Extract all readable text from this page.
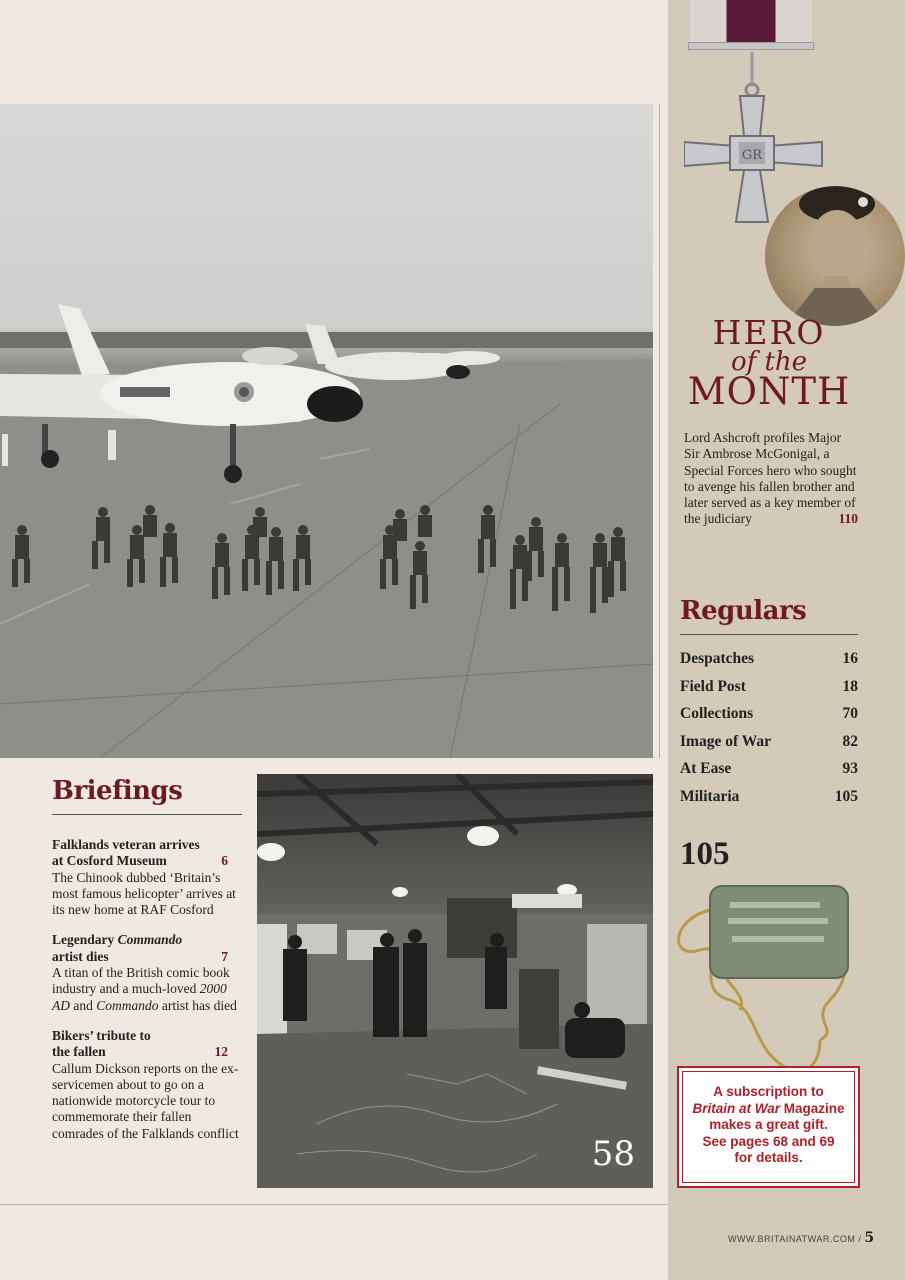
Briefings
Falklands veteran arrives
at Cosford Museum	6
The Chinook dubbed ‘Britain’s most famous helicopter’ arrives at its new home at RAF Cosford
Legendary Commando
artist dies	7
A titan of the British comic book industry and a much-loved 2000 AD and Commando artist has died
Bikers’ tribute to
the fallen	12
Callum Dickson reports on the ex-servicemen about to go on a nationwide motorcycle tour to commemorate their fallen comrades of the Falklands conflict
58
GR
HERO
of the
MONTH
Lord Ashcroft profiles Major Sir Ambrose McGonigal, a Special Forces hero who sought to avenge his fallen brother and later served as a key member of the judiciary	110
Regulars
Despatches	16
Field Post	18
Collections	70
Image of War	82
At Ease	93
Militaria	105
105
A subscription to
Britain at War Magazine
makes a great gift.
See pages 68 and 69
for details.
WWW.BRITAINATWAR.COM / 5
